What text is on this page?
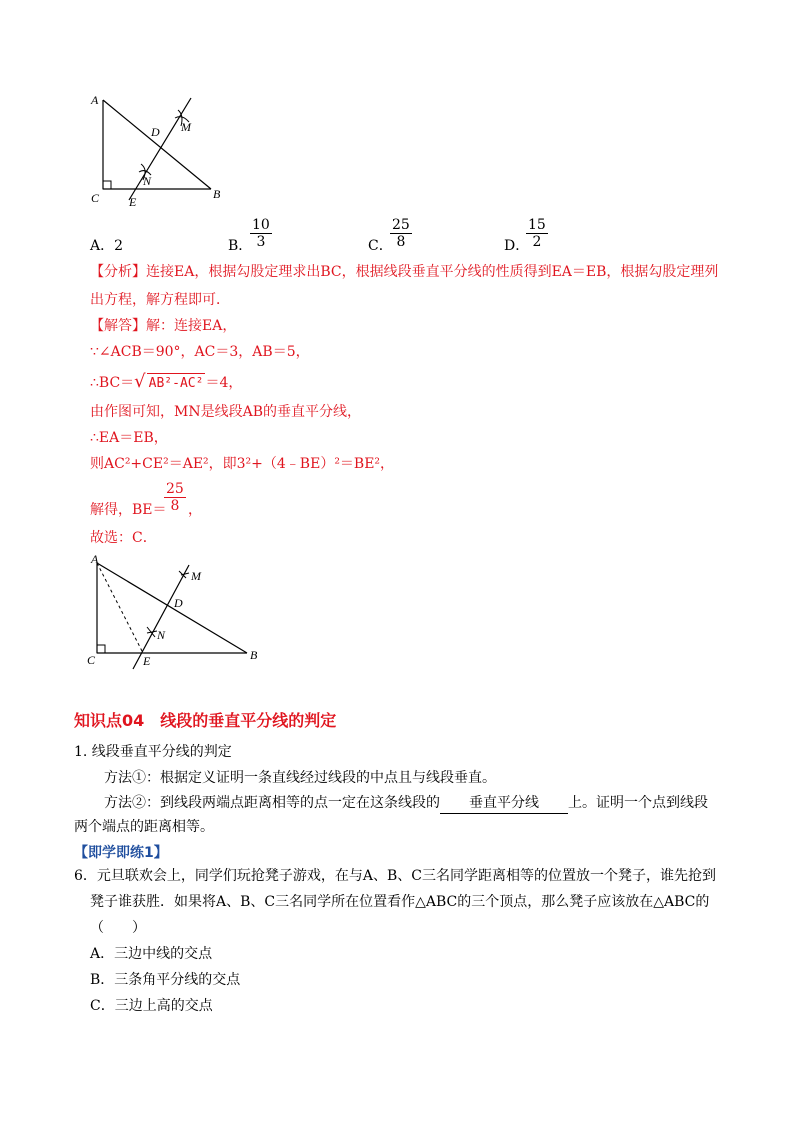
A
B
C
D
E
M
N
A．2	B．
10
3	C．
25
8	D．
15
2
【分析】连接EA，根据勾股定理求出BC，根据线段垂直平分线的性质得到EA＝EB，根据勾股定理列
出方程，解方程即可．
【解答】解：连接EA，
∵∠ACB＝90°，AC＝3，AB＝5，
∴BC＝√ AB²-AC² ＝4，
由作图可知，MN是线段AB的垂直平分线，
∴EA＝EB，
则AC²+CE²＝AE²，即3²+（4﹣BE）²＝BE²，
解得，BE＝
25
8 ，
故选：C．
A
B
C
D
E
M
N
知识点04　线段的垂直平分线的判定
1. 线段垂直平分线的判定
方法①：根据定义证明一条直线经过线段的中点且与线段垂直。
方法②：到线段两端点距离相等的点一定在这条线段的 垂直平分线 上。证明一个点到线段
两个端点的距离相等。
【即学即练1】
6．元旦联欢会上，同学们玩抢凳子游戏，在与A、B、C三名同学距离相等的位置放一个凳子，谁先抢到
凳子谁获胜．如果将A、B、C三名同学所在位置看作△ABC的三个顶点，那么凳子应该放在△ABC的
（　　）
A．三边中线的交点
B．三条角平分线的交点
C．三边上高的交点
